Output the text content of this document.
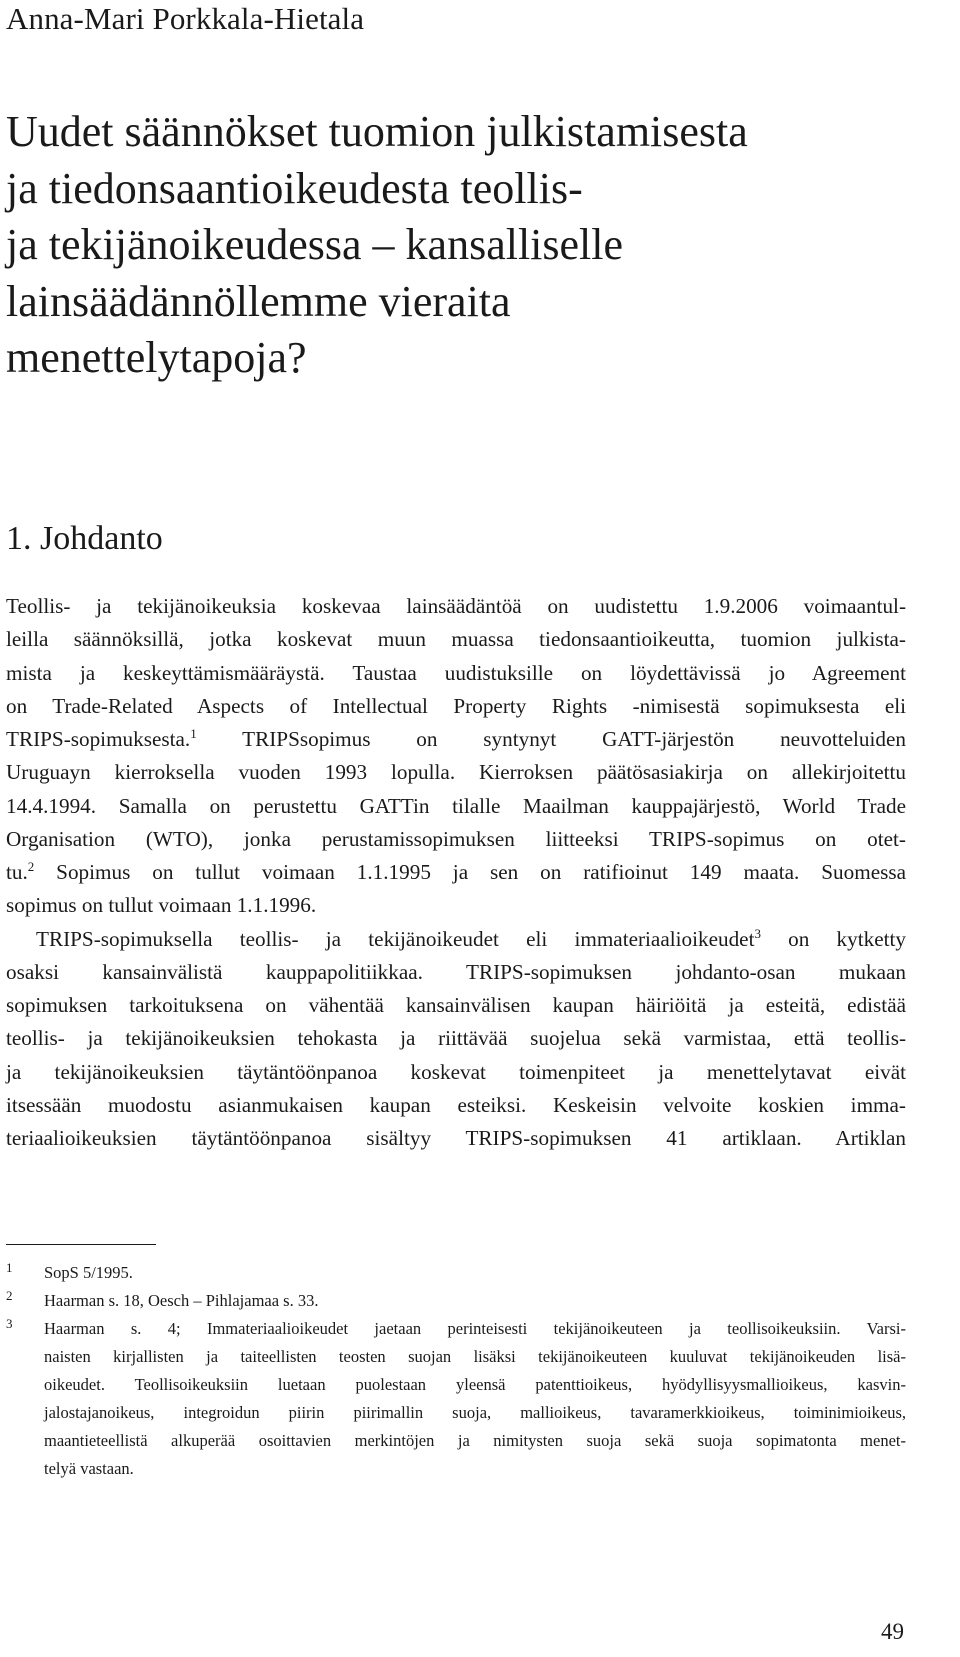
Anna-Mari Porkkala-Hietala
Uudet säännökset tuomion julkistamisesta
ja tiedonsaantioikeudesta teollis-
ja tekijänoikeudessa – kansalliselle
lainsäädännöllemme vieraita
menettelytapoja?
1. Johdanto
Teollis- ja tekijänoikeuksia koskevaa lainsäädäntöä on uudistettu 1.9.2006 voimaantul-
leilla säännöksillä, jotka koskevat muun muassa tiedonsaantioikeutta, tuomion julkista-
mista ja keskeyttämismääräystä. Taustaa uudistuksille on löydettävissä jo Agreement
on Trade-Related Aspects of Intellectual Property Rights -nimisestä sopimuksesta eli
TRIPS-sopimuksesta.$^1$ TRIPSsopimus on syntynyt GATT-järjestön neuvotteluiden
Uruguayn kierroksella vuoden 1993 lopulla. Kierroksen päätösasiakirja on allekirjoitettu
14.4.1994. Samalla on perustettu GATTin tilalle Maailman kauppajärjestö, World Trade
Organisation (WTO), jonka perustamissopimuksen liitteeksi TRIPS-sopimus on otet-
tu.$^2$ Sopimus on tullut voimaan 1.1.1995 ja sen on ratifioinut 149 maata. Suomessa
sopimus on tullut voimaan 1.1.1996.
TRIPS-sopimuksella teollis- ja tekijänoikeudet eli immateriaalioikeudet$^3$ on kytketty
osaksi kansainvälistä kauppapolitiikkaa. TRIPS-sopimuksen johdanto-osan mukaan
sopimuksen tarkoituksena on vähentää kansainvälisen kaupan häiriöitä ja esteitä, edistää
teollis- ja tekijänoikeuksien tehokasta ja riittävää suojelua sekä varmistaa, että teollis-
ja tekijänoikeuksien täytäntöönpanoa koskevat toimenpiteet ja menettelytavat eivät
itsessään muodostu asianmukaisen kaupan esteiksi. Keskeisin velvoite koskien imma-
teriaalioikeuksien täytäntöönpanoa sisältyy TRIPS-sopimuksen 41 artiklaan. Artiklan
1 SopS 5/1995.
2 Haarman s. 18, Oesch – Pihlajamaa s. 33.
3 Haarman s. 4; Immateriaalioikeudet jaetaan perinteisesti tekijänoikeuteen ja teollisoikeuksiin. Varsi-
naisten kirjallisten ja taiteellisten teosten suojan lisäksi tekijänoikeuteen kuuluvat tekijänoikeuden lisä-
oikeudet. Teollisoikeuksiin luetaan puolestaan yleensä patenttioikeus, hyödyllisyysmallioikeus, kasvin-
jalostajanoikeus, integroidun piirin piirimallin suoja, mallioikeus, tavaramerkkioikeus, toiminimioikeus,
maantieteellistä alkuperää osoittavien merkintöjen ja nimitysten suoja sekä suoja sopimatonta menet-
telyä vastaan.
49
